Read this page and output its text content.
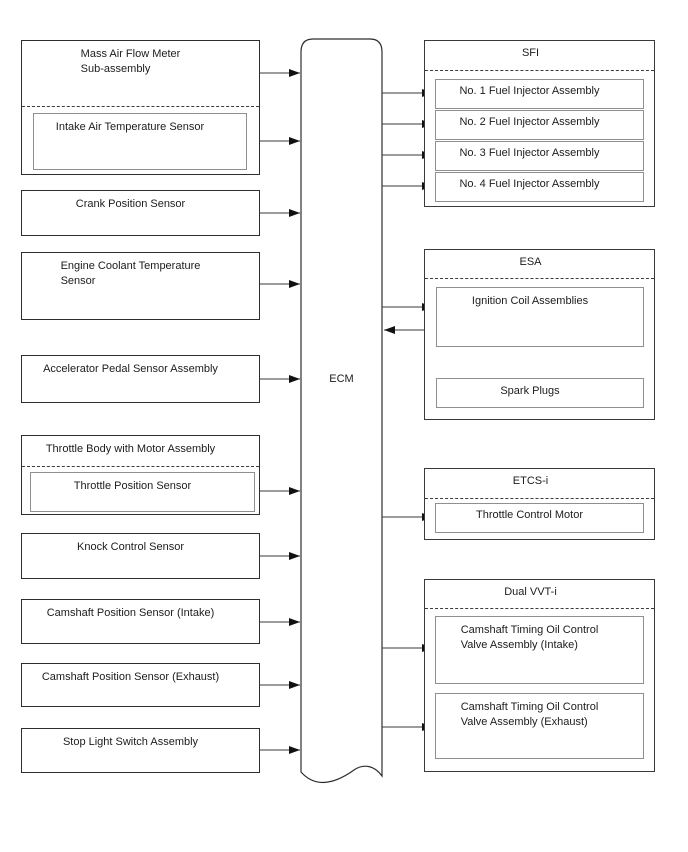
ECM
Mass Air Flow Meter
Sub-assembly
Intake Air Temperature Sensor
Crank Position Sensor
Engine Coolant Temperature
Sensor
Accelerator Pedal Sensor Assembly
Throttle Body with Motor Assembly
Throttle Position Sensor
Knock Control Sensor
Camshaft Position Sensor (Intake)
Camshaft Position Sensor (Exhaust)
Stop Light Switch Assembly
SFI
No. 1 Fuel Injector Assembly
No. 2 Fuel Injector Assembly
No. 3 Fuel Injector Assembly
No. 4 Fuel Injector Assembly
ESA
Ignition Coil Assemblies
Spark Plugs
ETCS-i
Throttle Control Motor
Dual VVT-i
Camshaft Timing Oil Control
Valve Assembly (Intake)
Camshaft Timing Oil Control
Valve Assembly (Exhaust)
